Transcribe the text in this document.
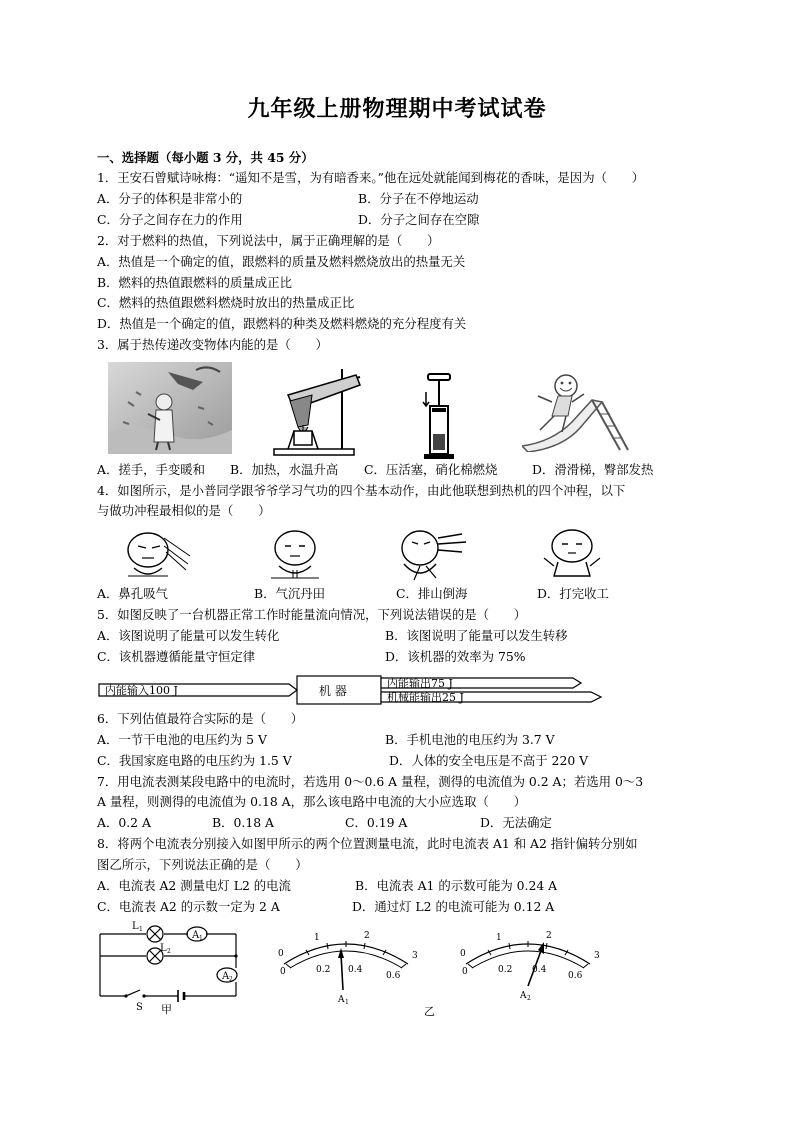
九年级上册物理期中考试试卷
一、选择题（每小题 3 分，共 45 分）
1．王安石曾赋诗咏梅：“遥知不是雪，为有暗香来。”他在远处就能闻到梅花的香味，是因为（　　）
A．分子的体积是非常小的	B．分子在不停地运动
C．分子之间存在力的作用	D．分子之间存在空隙
2．对于燃料的热值，下列说法中，属于正确理解的是（　　）
A．热值是一个确定的值，跟燃料的质量及燃料燃烧放出的热量无关
B．燃料的热值跟燃料的质量成正比
C．燃料的热值跟燃料燃烧时放出的热量成正比
D．热值是一个确定的值，跟燃料的种类及燃料燃烧的充分程度有关
3．属于热传递改变物体内能的是（　　）
A．搓手，手变暖和 B．加热，水温升高 C．压活塞，硝化棉燃烧	D．滑滑梯，臀部发热
4．如图所示，是小普同学跟爷爷学习气功的四个基本动作，由此他联想到热机的四个冲程，以下
与做功冲程最相似的是（　　）
A．鼻孔吸气	B．气沉丹田	C．排山倒海	D．打完收工
5．如图反映了一台机器正常工作时能量流向情况，下列说法错误的是（　　）
A．该图说明了能量可以发生转化	B．该图说明了能量可以发生转移
C．该机器遵循能量守恒定律	D．该机器的效率为 75%
内能输入100 J	机 器
内能输出75 J
机械能输出25 J
6．下列估值最符合实际的是（　　）
A．一节干电池的电压约为 5 V	B．手机电池的电压约为 3.7 V
C．我国家庭电路的电压约为 1.5 V	D．人体的安全电压是不高于 220 V
7．用电流表测某段电路中的电流时，若选用 0～0.6 A 量程，测得的电流值为 0.2 A；若选用 0～3
A 量程，则测得的电流值为 0.18 A，那么该电路中电流的大小应选取（　　）
A．0.2 A	B．0.18 A	C．0.19 A	D．无法确定
8．将两个电流表分别接入如图甲所示的两个位置测量电流，此时电流表 A1 和 A2 指针偏转分别如
图乙所示，下列说法正确的是（　　）
A．电流表 A2 测量电灯 L2 的电流	B．电流表 A1 的示数可能为 0.24 A
C．电流表 A2 的示数一定为 2 A	D．通过灯 L2 的电流可能为 0.12 A
L 1
L 2
A 1
A 2
S 甲
0	0.2 0.4
0.6
0
1	2
3
A 1
0	0.2 0.4
0.6
0
1	2
3
A 2
乙
